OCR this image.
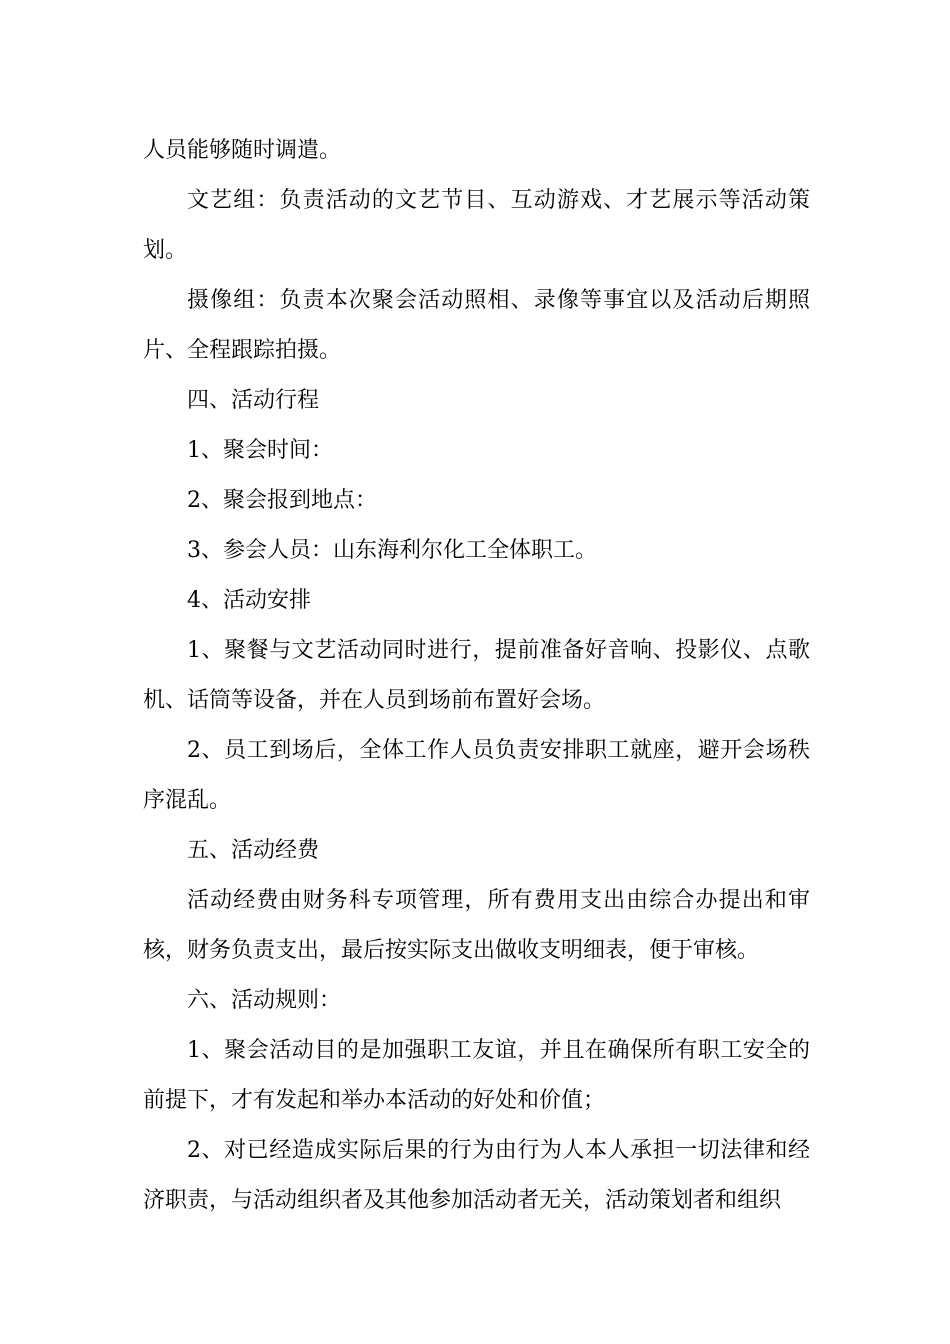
人员能够随时调遣。

文艺组：负责活动的文艺节目、互动游戏、才艺展示等活动策划。

摄像组：负责本次聚会活动照相、录像等事宜以及活动后期照片、全程跟踪拍摄。

四、活动行程

1、聚会时间：

2、聚会报到地点：

3、参会人员：山东海利尔化工全体职工。

4、活动安排

1、聚餐与文艺活动同时进行，提前准备好音响、投影仪、点歌机、话筒等设备，并在人员到场前布置好会场。

2、员工到场后，全体工作人员负责安排职工就座，避开会场秩序混乱。

五、活动经费

活动经费由财务科专项管理，所有费用支出由综合办提出和审核，财务负责支出，最后按实际支出做收支明细表，便于审核。

六、活动规则：

1、聚会活动目的是加强职工友谊，并且在确保所有职工安全的前提下，才有发起和举办本活动的好处和价值；

2、对已经造成实际后果的行为由行为人本人承担一切法律和经济职责，与活动组织者及其他参加活动者无关，活动策划者和组织
